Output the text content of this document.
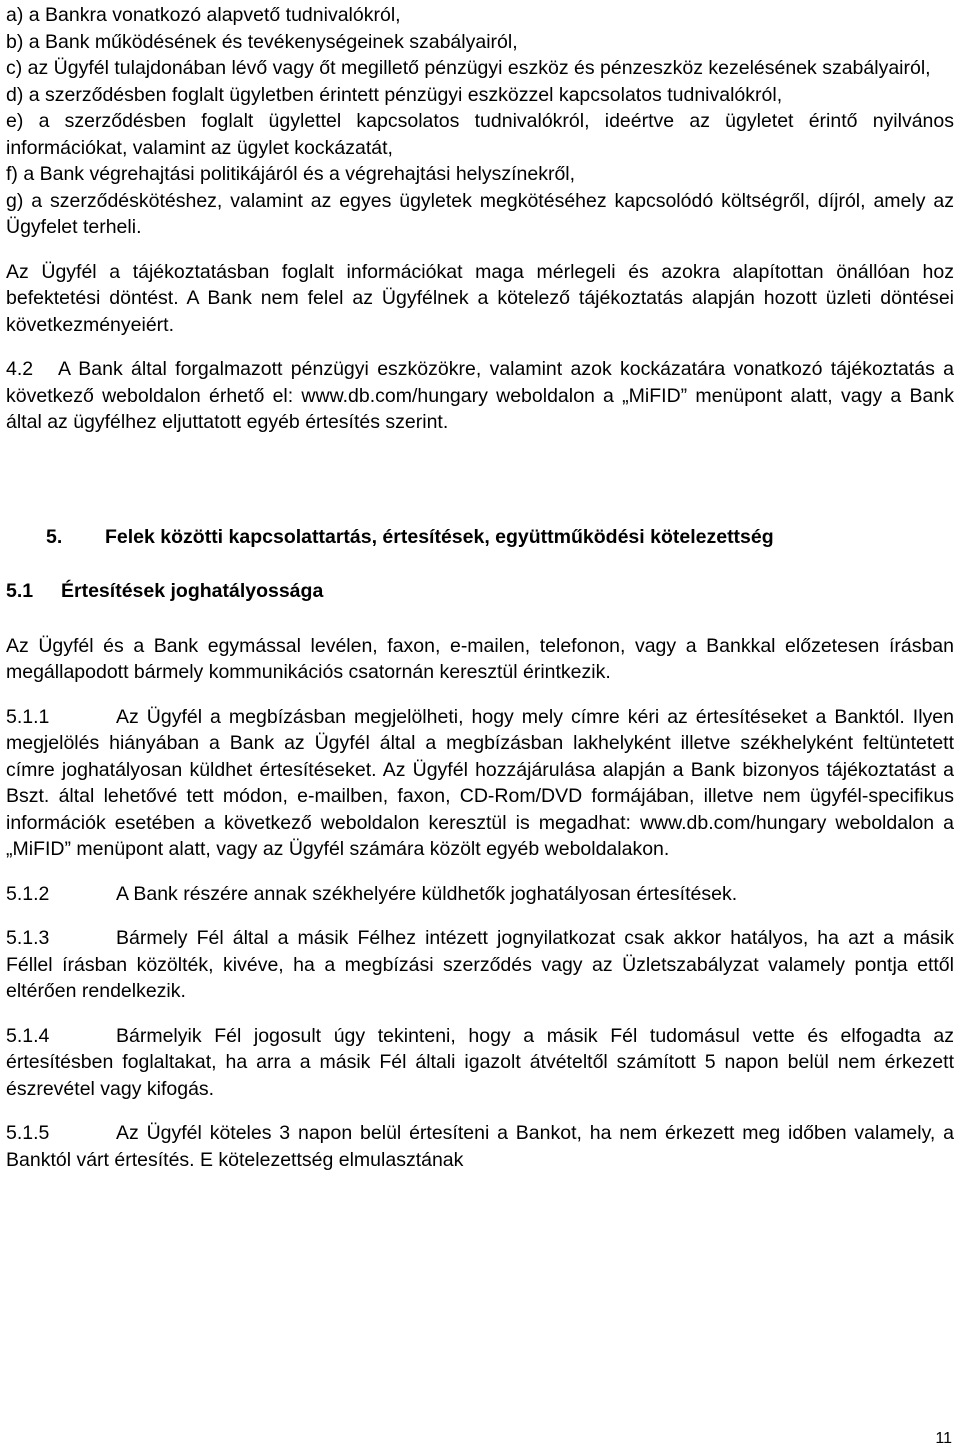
a) a Bankra vonatkozó alapvető tudnivalókról,

b) a Bank működésének és tevékenységeinek szabályairól,

c) az Ügyfél tulajdonában lévő vagy őt megillető pénzügyi eszköz és pénzeszköz kezelésének szabályairól,

d) a szerződésben foglalt ügyletben érintett pénzügyi eszközzel kapcsolatos tudnivalókról,

e) a szerződésben foglalt ügylettel kapcsolatos tudnivalókról, ideértve az ügyletet érintő nyilvános információkat, valamint az ügylet kockázatát,

f) a Bank végrehajtási politikájáról és a végrehajtási helyszínekről,

g) a szerződéskötéshez, valamint az egyes ügyletek megkötéséhez kapcsolódó költségről, díjról, amely az Ügyfelet terheli.

Az Ügyfél a tájékoztatásban foglalt információkat maga mérlegeli és azokra alapítottan önállóan hoz befektetési döntést. A Bank nem felel az Ügyfélnek a kötelező tájékoztatás alapján hozott üzleti döntései következményeiért.

4.2 A Bank által forgalmazott pénzügyi eszközökre, valamint azok kockázatára vonatkozó tájékoztatás a következő weboldalon érhető el: www.db.com/hungary weboldalon a „MiFID” menüpont alatt, vagy a Bank által az ügyfélhez eljuttatott egyéb értesítés szerint.

5. Felek közötti kapcsolattartás, értesítések, együttműködési kötelezettség

5.1 Értesítések joghatályossága

Az Ügyfél és a Bank egymással levélen, faxon, e-mailen, telefonon, vagy a Bankkal előzetesen írásban megállapodott bármely kommunikációs csatornán keresztül érintkezik.

5.1.1	Az Ügyfél a megbízásban megjelölheti, hogy mely címre kéri az értesítéseket a Banktól. Ilyen megjelölés hiányában a Bank az Ügyfél által a megbízásban lakhelyként illetve székhelyként feltüntetett címre joghatályosan küldhet értesítéseket. Az Ügyfél hozzájárulása alapján a Bank bizonyos tájékoztatást a Bszt. által lehetővé tett módon, e-mailben, faxon, CD-Rom/DVD formájában, illetve nem ügyfél-specifikus információk esetében a következő weboldalon keresztül is megadhat: www.db.com/hungary weboldalon a „MiFID” menüpont alatt, vagy az Ügyfél számára közölt egyéb weboldalakon.

5.1.2	A Bank részére annak székhelyére küldhetők joghatályosan értesítések.

5.1.3	Bármely Fél által a másik Félhez intézett jognyilatkozat csak akkor hatályos, ha azt a másik Féllel írásban közölték, kivéve, ha a megbízási szerződés vagy az Üzletszabályzat valamely pontja ettől eltérően rendelkezik.

5.1.4	Bármelyik Fél jogosult úgy tekinteni, hogy a másik Fél tudomásul vette és elfogadta az értesítésben foglaltakat, ha arra a másik Fél általi igazolt átvételtől számított 5 napon belül nem érkezett észrevétel vagy kifogás.

5.1.5	Az Ügyfél köteles 3 napon belül értesíteni a Bankot, ha nem érkezett meg időben valamely, a Banktól várt értesítés. E kötelezettség elmulasztának

11
